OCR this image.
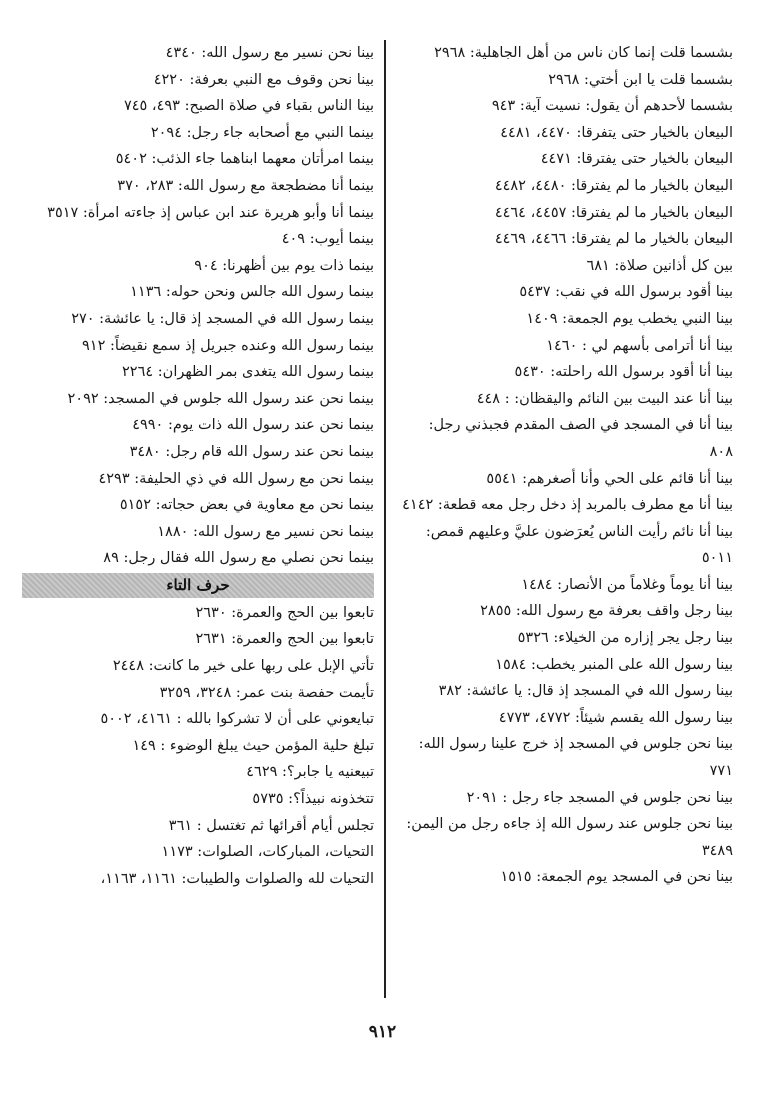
بشسما قلت إنما كان ناس من أهل الجاهلية: ٢٩٦٨
بشسما قلت يا ابن أختي: ٢٩٦٨
بشسما لأحدهم أن يقول: نسيت آية: ٩٤٣
البيعان بالخيار حتى يتفرقا: ٤٤٧٠، ٤٤٨١
البيعان بالخيار حتى يفترقا: ٤٤٧١
البيعان بالخيار ما لم يفترقا: ٤٤٨٠، ٤٤٨٢
البيعان بالخيار ما لم يفترقا: ٤٤٥٧، ٤٤٦٤
البيعان بالخيار ما لم يفترقا: ٤٤٦٦، ٤٤٦٩
بين كل أذانين صلاة: ٦٨١
بينا أقود برسول الله في نقب: ٥٤٣٧
بينا النبي يخطب يوم الجمعة: ١٤٠٩
بينا أنا أترامى بأسهم لي : ١٤٦٠
بينا أنا أقود برسول الله راحلته: ٥٤٣٠
بينا أنا عند البيت بين النائم واليقظان: : ٤٤٨
بينا أنا في المسجد في الصف المقدم فجبذني رجل: ٨٠٨
بينا أنا قائم على الحي وأنا أصغرهم: ٥٥٤١
بينا أنا مع مطرف بالمربد إذ دخل رجل معه قطعة: ٤١٤٢
بينا أنا نائم رأيت الناس يُعرَضون عليَّ وعليهم قمص: ٥٠١١
بينا أنا يوماً وغلاماً من الأنصار: ١٤٨٤
بينا رجل واقف بعرفة مع رسول الله: ٢٨٥٥
بينا رجل يجر إزاره من الخيلاء: ٥٣٢٦
بينا رسول الله على المنبر يخطب: ١٥٨٤
بينا رسول الله في المسجد إذ قال: يا عائشة: ٣٨٢
بينا رسول الله يقسم شيئاً: ٤٧٧٢، ٤٧٧٣
بينا نحن جلوس في المسجد إذ خرج علينا رسول الله: ٧٧١
بينا نحن جلوس في المسجد جاء رجل : ٢٠٩١
بينا نحن جلوس عند رسول الله إذ جاءه رجل من اليمن: ٣٤٨٩
بينا نحن في المسجد يوم الجمعة: ١٥١٥
بينا نحن نسير مع رسول الله: ٤٣٤٠
بينا نحن وقوف مع النبي بعرفة: ٤٢٢٠
بينا الناس بقباء في صلاة الصبح: ٤٩٣، ٧٤٥
بينما النبي مع أصحابه جاء رجل: ٢٠٩٤
بينما امرأتان معهما ابناهما جاء الذئب: ٥٤٠٢
بينما أنا مضطجعة مع رسول الله: ٢٨٣، ٣٧٠
بينما أنا وأبو هريرة عند ابن عباس إذ جاءته امرأة: ٣٥١٧
بينما أيوب: ٤٠٩
بينما ذات يوم بين أظهرنا: ٩٠٤
بينما رسول الله جالس ونحن حوله: ١١٣٦
بينما رسول الله في المسجد إذ قال: يا عائشة: ٢٧٠
بينما رسول الله وعنده جبريل إذ سمع نقيضاً: ٩١٢
بينما رسول الله يتغدى بمر الظهران: ٢٢٦٤
بينما نحن عند رسول الله جلوس في المسجد: ٢٠٩٢
بينما نحن عند رسول الله ذات يوم: ٤٩٩٠
بينما نحن عند رسول الله قام رجل: ٣٤٨٠
بينما نحن مع رسول الله في ذي الحليفة: ٤٢٩٣
بينما نحن مع معاوية في بعض حجاته: ٥١٥٢
بينما نحن نسير مع رسول الله: ١٨٨٠
بينما نحن نصلي مع رسول الله فقال رجل: ٨٩
حرف التاء
تابعوا بين الحج والعمرة: ٢٦٣٠
تابعوا بين الحج والعمرة: ٢٦٣١
تأتي الإبل على ربها على خير ما كانت: ٢٤٤٨
تأيمت حفصة بنت عمر: ٣٢٤٨، ٣٢٥٩
تبايعوني على أن لا تشركوا بالله : ٤١٦١، ٥٠٠٢
تبلغ حلية المؤمن حيث يبلغ الوضوء : ١٤٩
تبيعنيه يا جابر؟: ٤٦٢٩
تتخذونه نبيذاً؟: ٥٧٣٥
تجلس أيام أقرائها ثم تغتسل : ٣٦١
التحيات، المباركات، الصلوات: ١١٧٣
التحيات لله والصلوات والطيبات: ١١٦١، ١١٦٣،
٩١٢
